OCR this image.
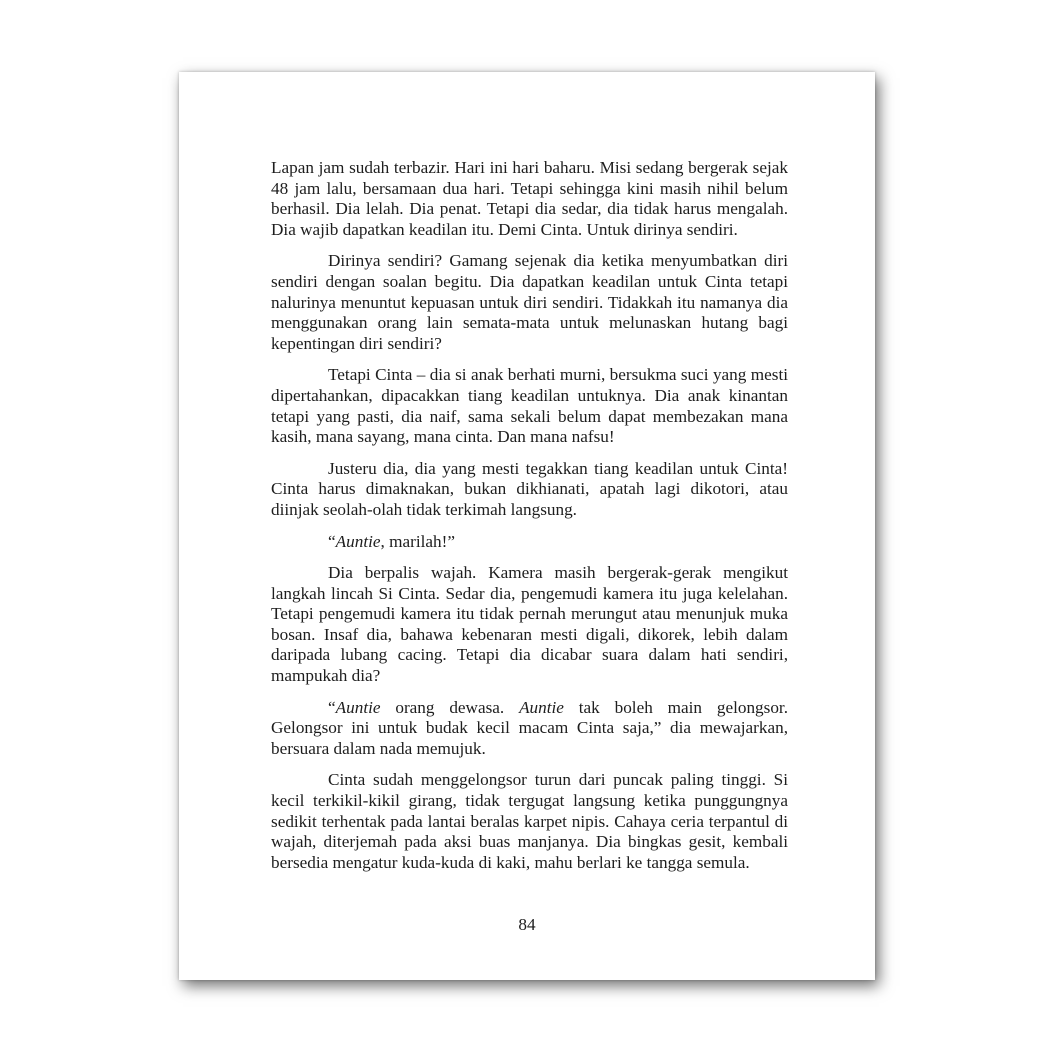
Lapan jam sudah terbazir. Hari ini hari baharu. Misi sedang bergerak sejak 48 jam lalu, bersamaan dua hari. Tetapi sehingga kini masih nihil belum berhasil. Dia lelah. Dia penat. Tetapi dia sedar, dia tidak harus mengalah. Dia wajib dapatkan keadilan itu. Demi Cinta. Untuk dirinya sendiri.

Dirinya sendiri? Gamang sejenak dia ketika menyumbatkan diri sendiri dengan soalan begitu. Dia dapatkan keadilan untuk Cinta tetapi nalurinya menuntut kepuasan untuk diri sendiri. Tidakkah itu namanya dia menggunakan orang lain semata-mata untuk melunaskan hutang bagi kepentingan diri sendiri?

Tetapi Cinta – dia si anak berhati murni, bersukma suci yang mesti dipertahankan, dipacakkan tiang keadilan untuknya. Dia anak kinantan tetapi yang pasti, dia naif, sama sekali belum dapat membezakan mana kasih, mana sayang, mana cinta. Dan mana nafsu!

Justeru dia, dia yang mesti tegakkan tiang keadilan untuk Cinta! Cinta harus dimaknakan, bukan dikhianati, apatah lagi dikotori, atau diinjak seolah-olah tidak terkimah langsung.

“Auntie, marilah!”

Dia berpalis wajah. Kamera masih bergerak-gerak mengikut langkah lincah Si Cinta. Sedar dia, pengemudi kamera itu juga kelelahan. Tetapi pengemudi kamera itu tidak pernah merungut atau menunjuk muka bosan. Insaf dia, bahawa kebenaran mesti digali, dikorek, lebih dalam daripada lubang cacing. Tetapi dia dicabar suara dalam hati sendiri, mampukah dia?

“Auntie orang dewasa. Auntie tak boleh main gelongsor. Gelongsor ini untuk budak kecil macam Cinta saja,” dia mewajarkan, bersuara dalam nada memujuk.

Cinta sudah menggelongsor turun dari puncak paling tinggi. Si kecil terkikil-kikil girang, tidak tergugat langsung ketika punggungnya sedikit terhentak pada lantai beralas karpet nipis. Cahaya ceria terpantul di wajah, diterjemah pada aksi buas manjanya. Dia bingkas gesit, kembali bersedia mengatur kuda-kuda di kaki, mahu berlari ke tangga semula.

84
